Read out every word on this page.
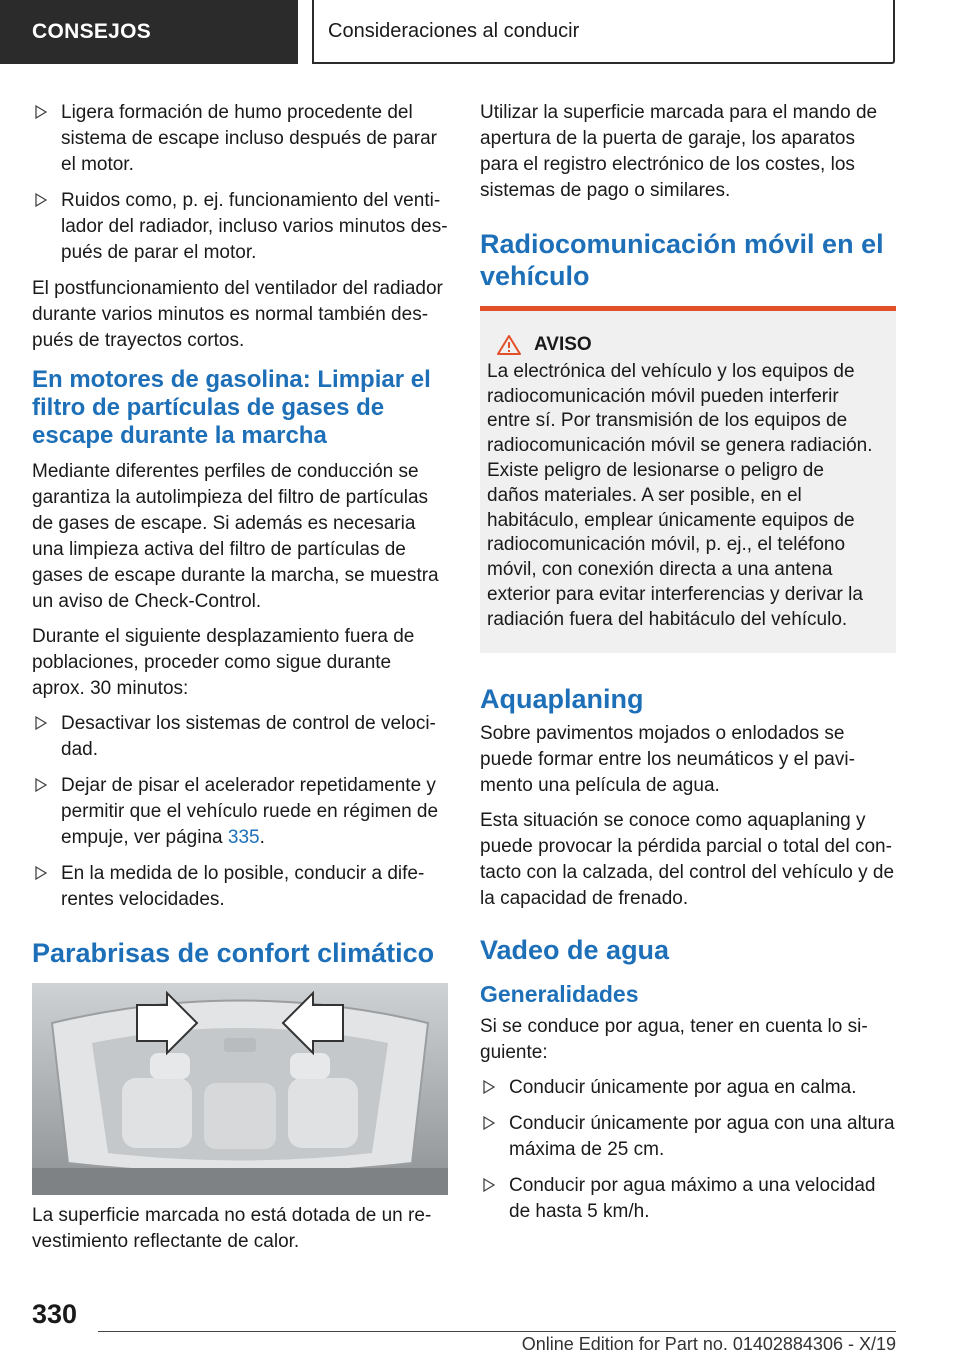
CONSEJOS	Consideraciones al conducir
Ligera formación de humo procedente del sistema de escape incluso después de parar el motor.
Ruidos como, p. ej. funcionamiento del ventilador del radiador, incluso varios minutos después de parar el motor.

El postfuncionamiento del ventilador del radiador durante varios minutos es normal también después de trayectos cortos.

En motores de gasolina: Limpiar el filtro de partículas de gases de escape durante la marcha

Mediante diferentes perfiles de conducción se garantiza la autolimpieza del filtro de partículas de gases de escape. Si además es necesaria una limpieza activa del filtro de partículas de gases de escape durante la marcha, se muestra un aviso de Check-Control.

Durante el siguiente desplazamiento fuera de poblaciones, proceder como sigue durante aprox. 30 minutos:

Desactivar los sistemas de control de velocidad.
Dejar de pisar el acelerador repetidamente y permitir que el vehículo ruede en régimen de empuje, ver página 335.
En la medida de lo posible, conducir a diferentes velocidades.
Parabrisas de confort climático

La superficie marcada no está dotada de un revestimiento reflectante de calor.

Utilizar la superficie marcada para el mando de apertura de la puerta de garaje, los aparatos para el registro electrónico de los costes, los sistemas de pago o similares.

Radiocomunicación móvil en el vehículo
AVISO
La electrónica del vehículo y los equipos de radiocomunicación móvil pueden interferir entre sí. Por transmisión de los equipos de radiocomunicación móvil se genera radiación. Existe peligro de lesionarse o peligro de daños materiales. A ser posible, en el habitáculo, emplear únicamente equipos de radiocomunicación móvil, p. ej., el teléfono móvil, con conexión directa a una antena exterior para evitar interferencias y derivar la radiación fuera del habitáculo del vehículo.
Aquaplaning

Sobre pavimentos mojados o enlodados se puede formar entre los neumáticos y el pavimento una película de agua.

Esta situación se conoce como aquaplaning y puede provocar la pérdida parcial o total del contacto con la calzada, del control del vehículo y de la capacidad de frenado.

Vadeo de agua
Generalidades

Si se conduce por agua, tener en cuenta lo siguiente:

Conducir únicamente por agua en calma.
Conducir únicamente por agua con una altura máxima de 25 cm.
Conducir por agua máximo a una velocidad de hasta 5 km/h.
330
Online Edition for Part no. 01402884306 - X/19
